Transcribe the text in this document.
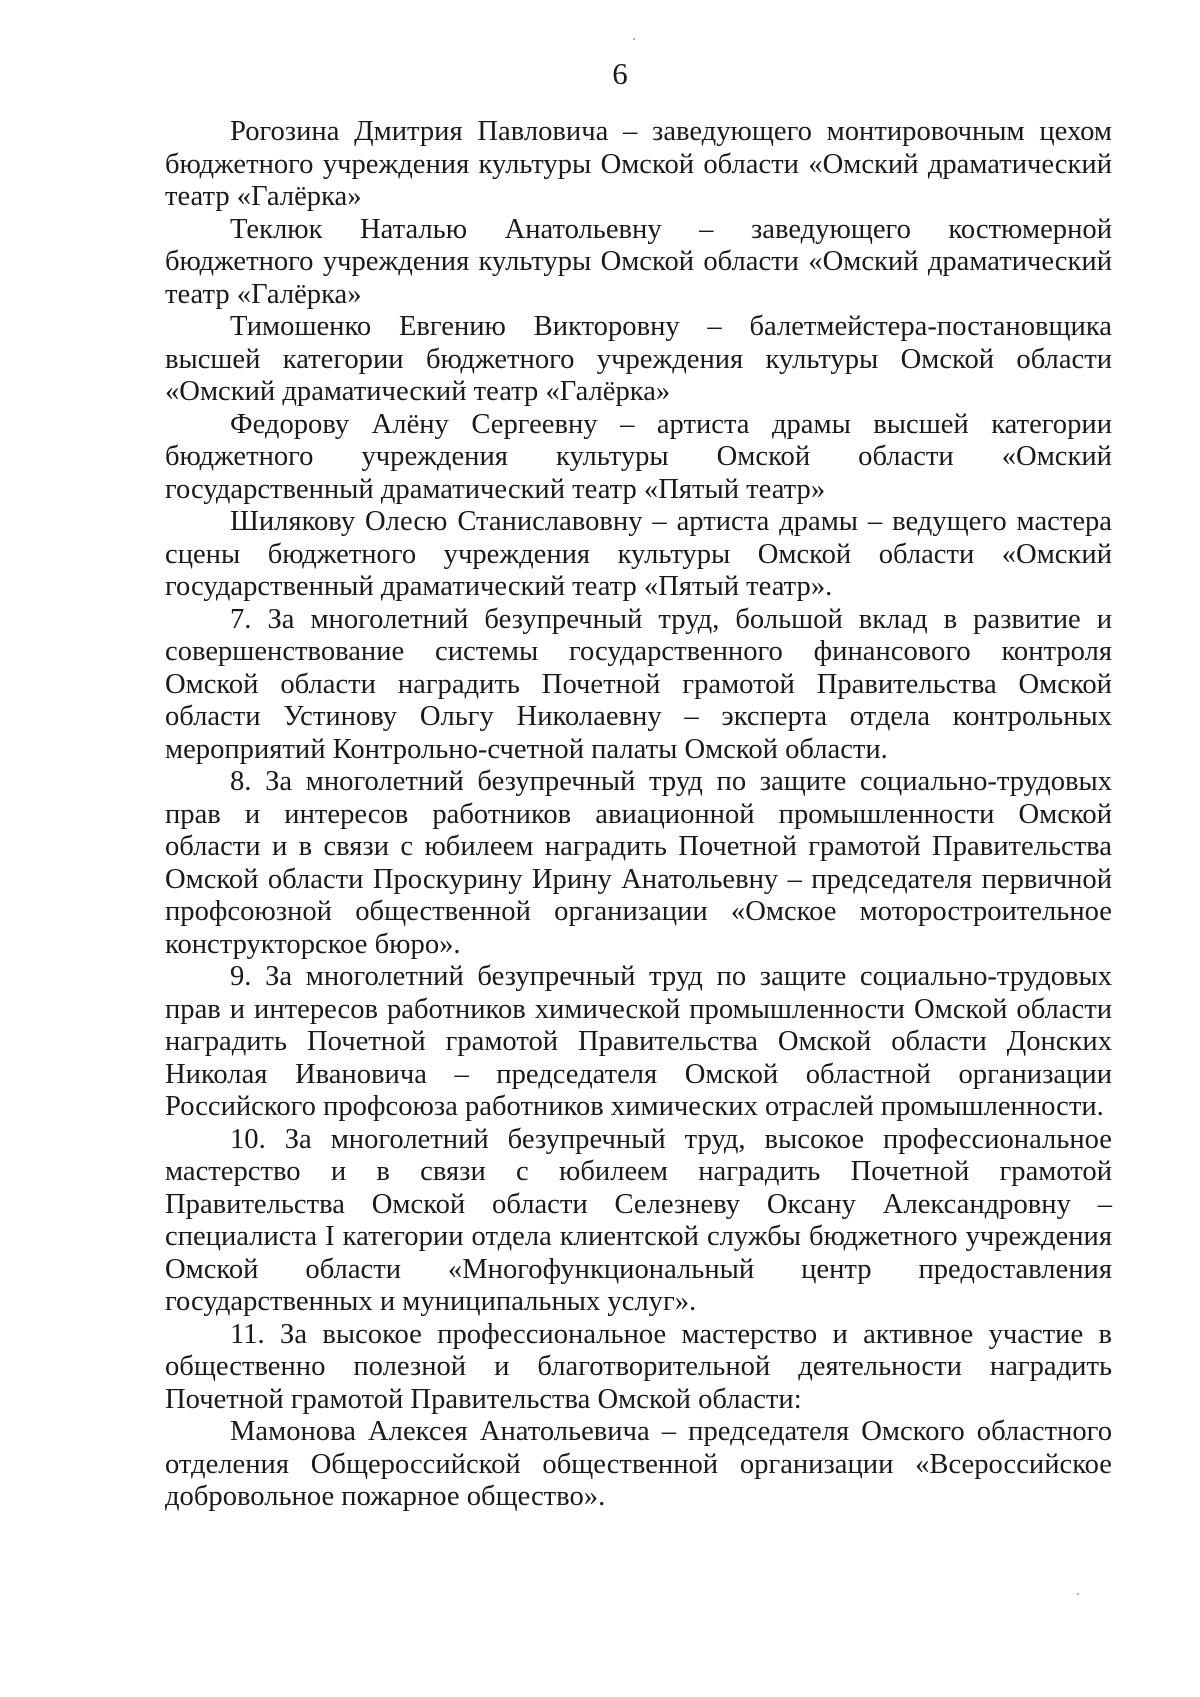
6

Рогозина Дмитрия Павловича – заведующего монтировочным цехом бюджетного учреждения культуры Омской области «Омский драматический театр «Галёрка»

Теклюк Наталью Анатольевну – заведующего костюмерной бюджетного учреждения культуры Омской области «Омский драматический театр «Галёрка»

Тимошенко Евгению Викторовну – балетмейстера-постановщика высшей категории бюджетного учреждения культуры Омской области «Омский драматический театр «Галёрка»

Федорову Алёну Сергеевну – артиста драмы высшей категории бюджетного учреждения культуры Омской области «Омский государственный драматический театр «Пятый театр»

Шилякову Олесю Станиславовну – артиста драмы – ведущего мастера сцены бюджетного учреждения культуры Омской области «Омский государственный драматический театр «Пятый театр».

7. За многолетний безупречный труд, большой вклад в развитие и совершенствование системы государственного финансового контроля Омской области наградить Почетной грамотой Правительства Омской области Устинову Ольгу Николаевну – эксперта отдела контрольных мероприятий Контрольно-счетной палаты Омской области.

8. За многолетний безупречный труд по защите социально-трудовых прав и интересов работников авиационной промышленности Омской области и в связи с юбилеем наградить Почетной грамотой Правительства Омской области Проскурину Ирину Анатольевну – председателя первичной профсоюзной общественной организации «Омское моторостроительное конструкторское бюро».

9. За многолетний безупречный труд по защите социально-трудовых прав и интересов работников химической промышленности Омской области наградить Почетной грамотой Правительства Омской области Донских Николая Ивановича – председателя Омской областной организации Российского профсоюза работников химических отраслей промышленности.

10. За многолетний безупречный труд, высокое профессиональное мастерство и в связи с юбилеем наградить Почетной грамотой Правительства Омской области Селезневу Оксану Александровну – специалиста I категории отдела клиентской службы бюджетного учреждения Омской области «Многофункциональный центр предоставления государственных и муниципальных услуг».

11. За высокое профессиональное мастерство и активное участие в общественно полезной и благотворительной деятельности наградить Почетной грамотой Правительства Омской области:

Мамонова Алексея Анатольевича – председателя Омского областного отделения Общероссийской общественной организации «Всероссийское добровольное пожарное общество».
